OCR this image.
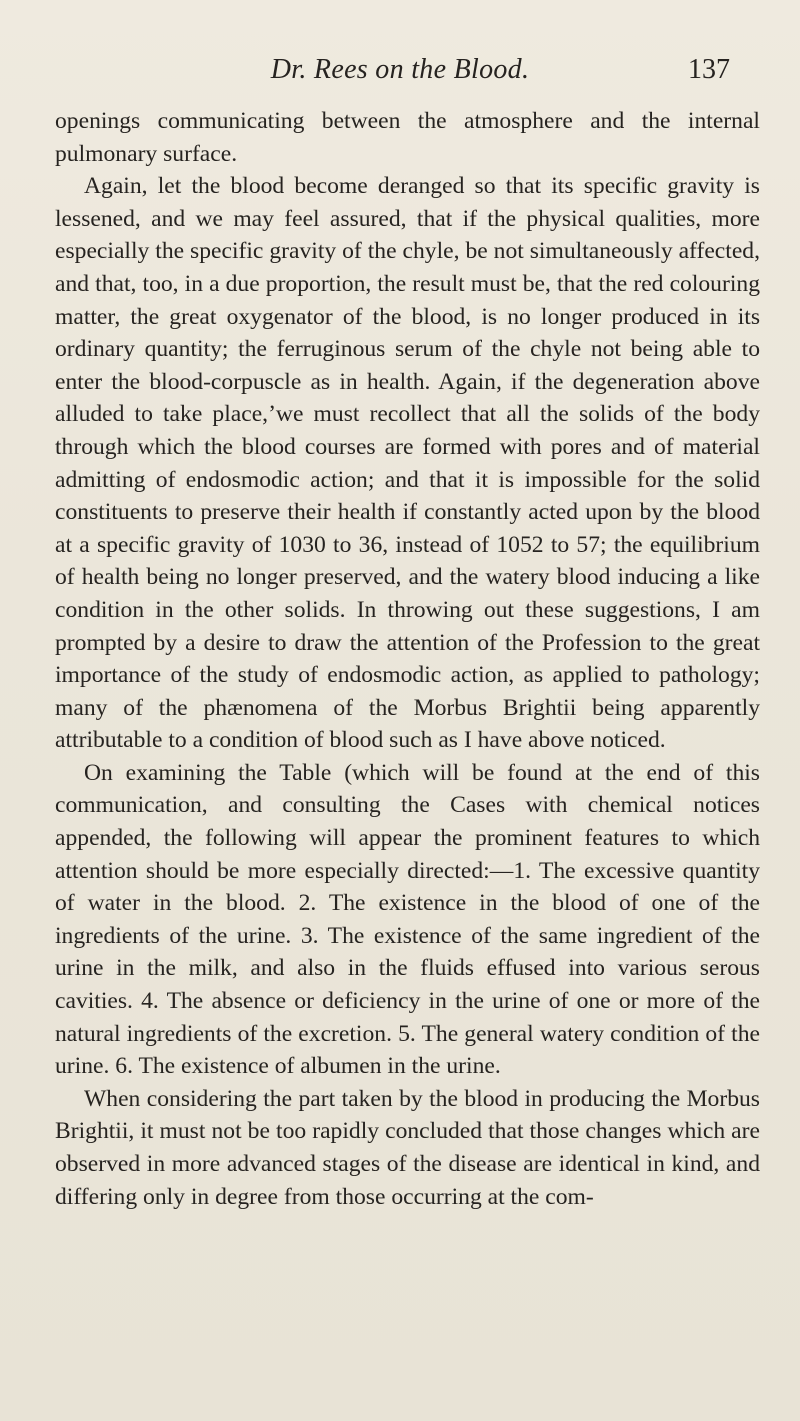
Dr. Rees on the Blood.	137

openings communicating between the atmosphere and the internal pulmonary surface.

Again, let the blood become deranged so that its specific gravity is lessened, and we may feel assured, that if the physical qualities, more especially the specific gravity of the chyle, be not simultaneously affected, and that, too, in a due proportion, the result must be, that the red colouring matter, the great oxygenator of the blood, is no longer produced in its ordinary quantity; the ferruginous serum of the chyle not being able to enter the blood-corpuscle as in health. Again, if the degeneration above alluded to take place,’we must recollect that all the solids of the body through which the blood courses are formed with pores and of material admitting of endosmodic action; and that it is impossible for the solid constituents to preserve their health if constantly acted upon by the blood at a specific gravity of 1030 to 36, instead of 1052 to 57; the equilibrium of health being no longer preserved, and the watery blood inducing a like condition in the other solids. In throwing out these suggestions, I am prompted by a desire to draw the attention of the Profession to the great importance of the study of endosmodic action, as applied to pathology; many of the phænomena of the Morbus Brightii being apparently attributable to a condition of blood such as I have above noticed.

On examining the Table (which will be found at the end of this communication, and consulting the Cases with chemical notices appended, the following will appear the prominent features to which attention should be more especially directed:—1. The excessive quantity of water in the blood. 2. The existence in the blood of one of the ingredients of the urine. 3. The existence of the same ingredient of the urine in the milk, and also in the fluids effused into various serous cavities. 4. The absence or deficiency in the urine of one or more of the natural ingredients of the excretion. 5. The general watery condition of the urine. 6. The existence of albumen in the urine.

When considering the part taken by the blood in producing the Morbus Brightii, it must not be too rapidly concluded that those changes which are observed in more advanced stages of the disease are identical in kind, and differing only in degree from those occurring at the com-
